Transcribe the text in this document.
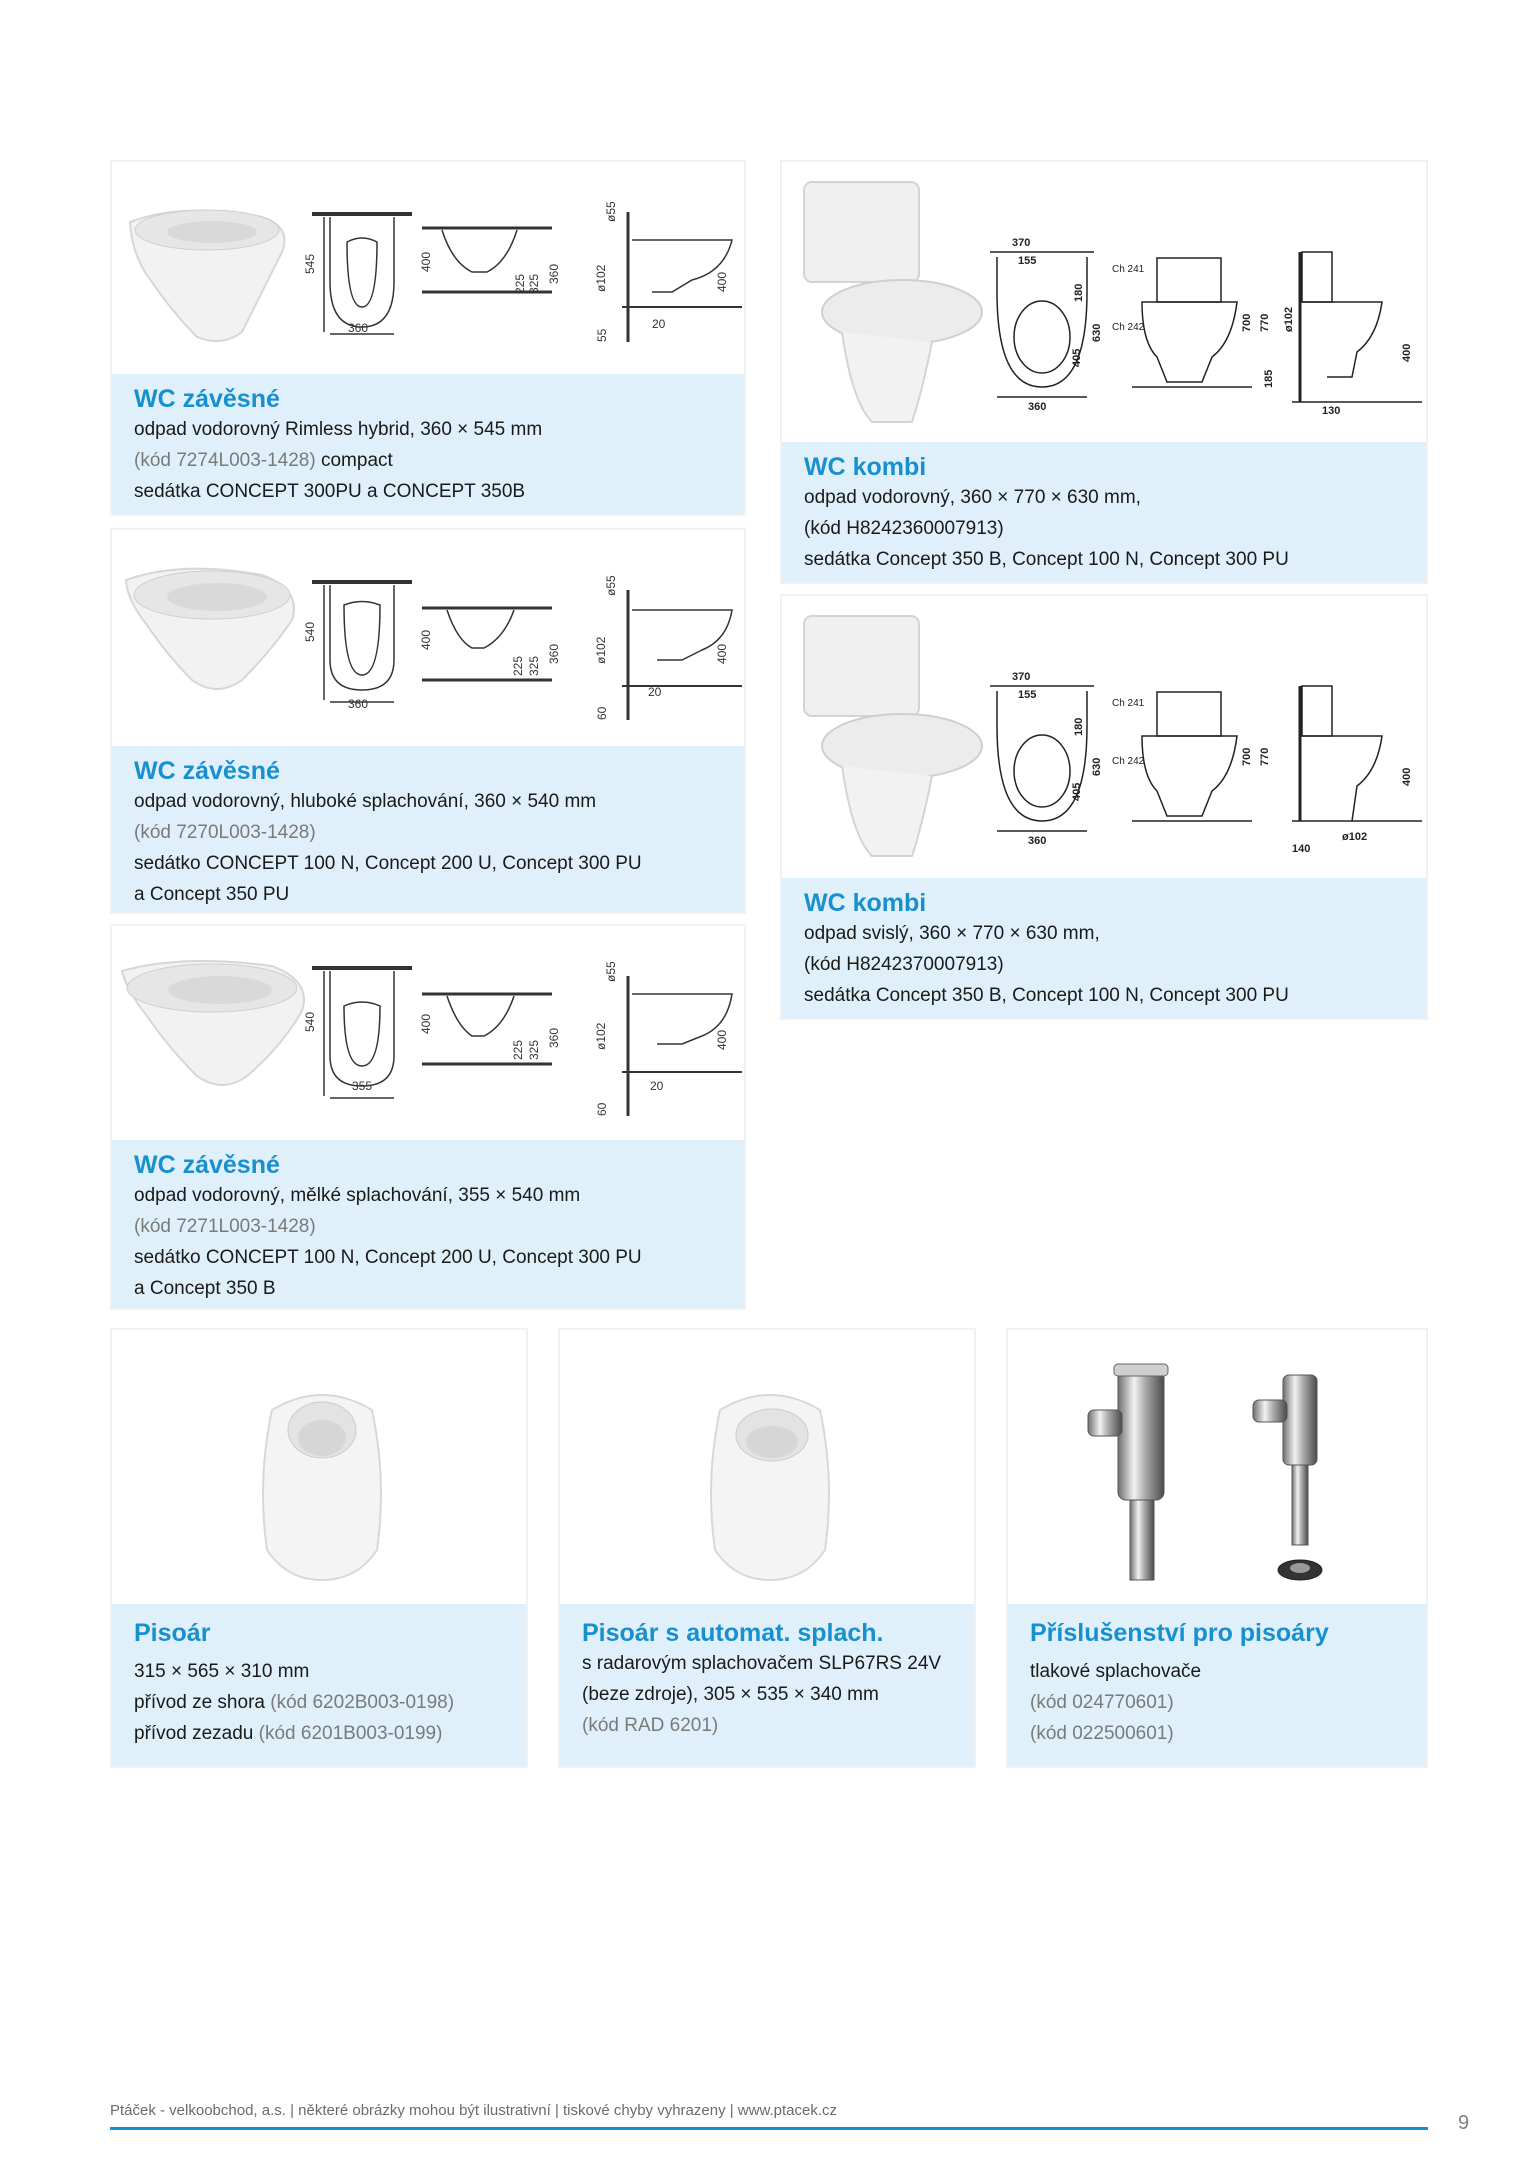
545
360
400
225 325 360
ø55
ø102	400
55
20
WC závěsné
odpad vodorovný Rimless hybrid, 360 × 545 mm
(kód 7274L003-1428) compact
sedátka CONCEPT 300PU a CONCEPT 350B
540
360
400
225 325
360
ø55
ø102	400
60
20
WC závěsné
odpad vodorovný, hluboké splachování, 360 × 540 mm
(kód 7270L003-1428)
sedátko CONCEPT 100 N, Concept 200 U, Concept 300 PU
a Concept 350 PU
540
355
400
225 325
360
ø55
ø102	400
60
20
WC závěsné
odpad vodorovný, mělké splachování, 355 × 540 mm
(kód 7271L003-1428)
sedátko CONCEPT 100 N, Concept 200 U, Concept 300 PU
a Concept 350 B
370
155
180
630
405
360
Ch 241
Ch 242	700 770 ø102
185
400
130
WC kombi
odpad vodorovný, 360 × 770 × 630 mm,
(kód H8242360007913)
sedátka Concept 350 B, Concept 100 N, Concept 300 PU
370
155
180
630
405
360
Ch 241
Ch 242	700 770
ø102
400
140
WC kombi
odpad svislý, 360 × 770 × 630 mm,
(kód H8242370007913)
sedátka Concept 350 B, Concept 100 N, Concept 300 PU
Pisoár
315 × 565 × 310 mm
přívod ze shora (kód 6202B003-0198)
přívod zezadu (kód 6201B003-0199)
Pisoár s automat. splach.
s radarovým splachovačem SLP67RS 24V
(beze zdroje), 305 × 535 × 340 mm
(kód RAD 6201)
Příslušenství pro pisoáry
tlakové splachovače
(kód 024770601)
(kód 022500601)
Ptáček - velkoobchod, a.s. | některé obrázky mohou být ilustrativní | tiskové chyby vyhrazeny | www.ptacek.cz
9
